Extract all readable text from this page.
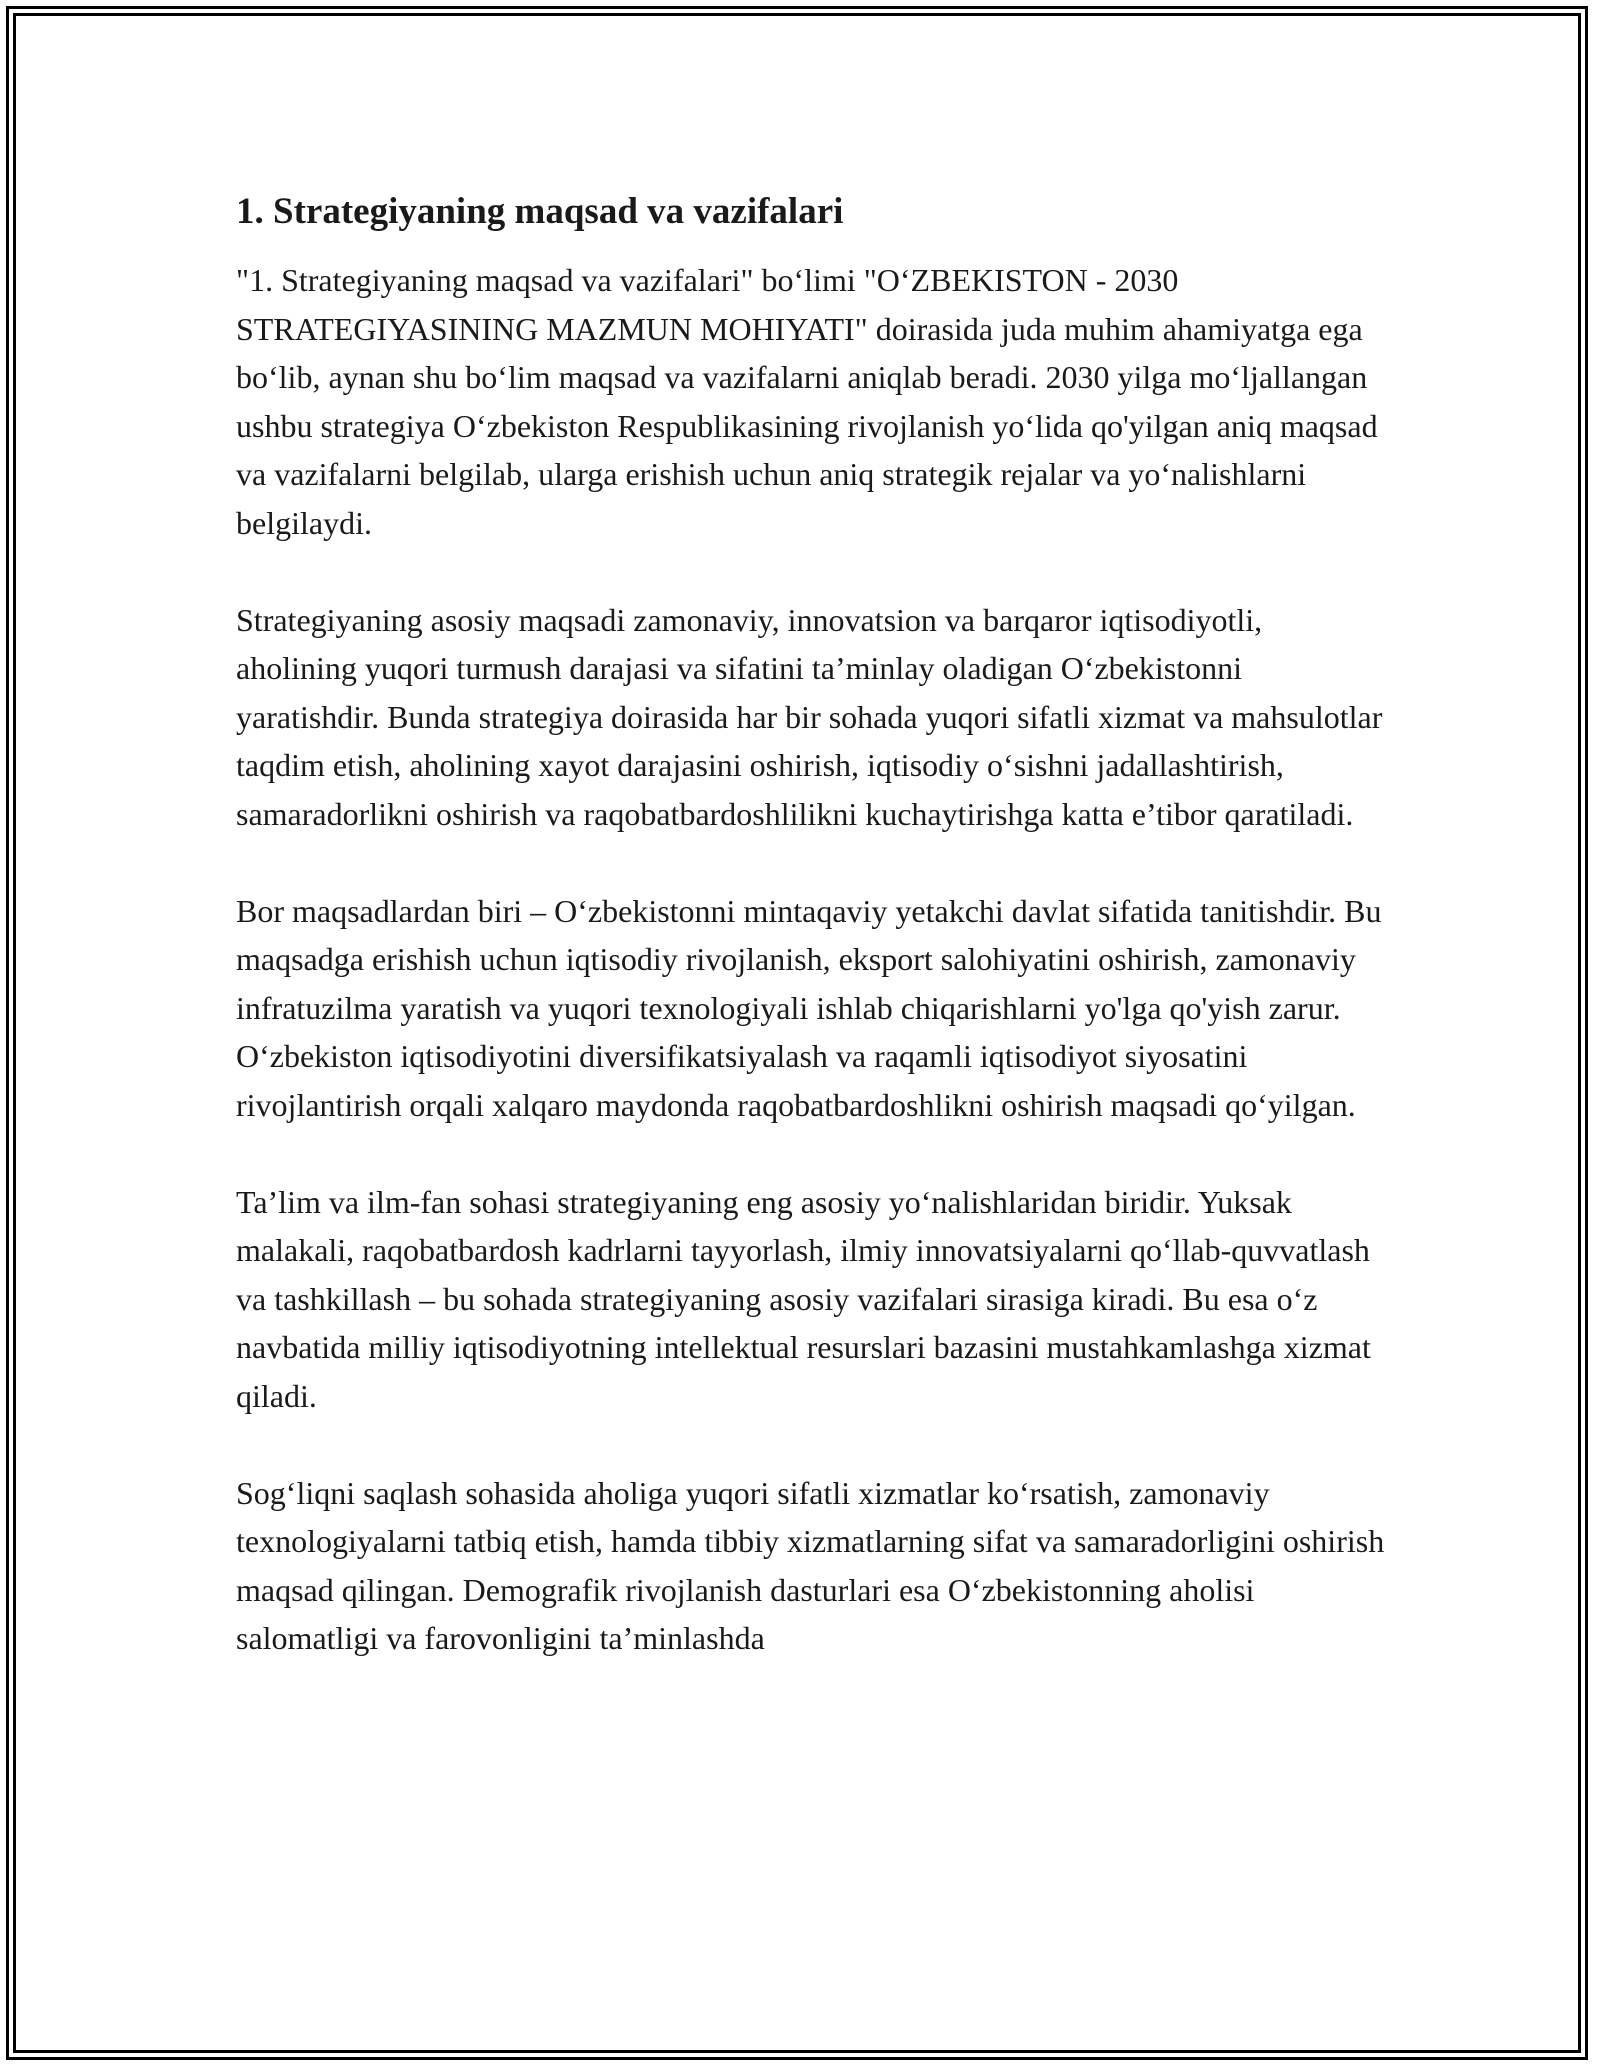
1. Strategiyaning maqsad va vazifalari

"1. Strategiyaning maqsad va vazifalari" bo‘limi "O‘ZBEKISTON - 2030 STRATEGIYASINING MAZMUN MOHIYATI" doirasida juda muhim ahamiyatga ega bo‘lib, aynan shu bo‘lim maqsad va vazifalarni aniqlab beradi. 2030 yilga mo‘ljallangan ushbu strategiya O‘zbekiston Respublikasining rivojlanish yo‘lida qo'yilgan aniq maqsad va vazifalarni belgilab, ularga erishish uchun aniq strategik rejalar va yo‘nalishlarni belgilaydi.

Strategiyaning asosiy maqsadi zamonaviy, innovatsion va barqaror iqtisodiyotli, aholining yuqori turmush darajasi va sifatini ta’minlay oladigan O‘zbekistonni yaratishdir. Bunda strategiya doirasida har bir sohada yuqori sifatli xizmat va mahsulotlar taqdim etish, aholining xayot darajasini oshirish, iqtisodiy o‘sishni jadallashtirish, samaradorlikni oshirish va raqobatbardoshlilikni kuchaytirishga katta e’tibor qaratiladi.

Bor maqsadlardan biri – O‘zbekistonni mintaqaviy yetakchi davlat sifatida tanitishdir. Bu maqsadga erishish uchun iqtisodiy rivojlanish, eksport salohiyatini oshirish, zamonaviy infratuzilma yaratish va yuqori texnologiyali ishlab chiqarishlarni yo'lga qo'yish zarur. O‘zbekiston iqtisodiyotini diversifikatsiyalash va raqamli iqtisodiyot siyosatini rivojlantirish orqali xalqaro maydonda raqobatbardoshlikni oshirish maqsadi qo‘yilgan.

Ta’lim va ilm-fan sohasi strategiyaning eng asosiy yo‘nalishlaridan biridir. Yuksak malakali, raqobatbardosh kadrlarni tayyorlash, ilmiy innovatsiyalarni qo‘llab-quvvatlash va tashkillash – bu sohada strategiyaning asosiy vazifalari sirasiga kiradi. Bu esa o‘z navbatida milliy iqtisodiyotning intellektual resurslari bazasini mustahkamlashga xizmat qiladi.

Sog‘liqni saqlash sohasida aholiga yuqori sifatli xizmatlar ko‘rsatish, zamonaviy texnologiyalarni tatbiq etish, hamda tibbiy xizmatlarning sifat va samaradorligini oshirish maqsad qilingan. Demografik rivojlanish dasturlari esa O‘zbekistonning aholisi salomatligi va farovonligini ta’minlashda
